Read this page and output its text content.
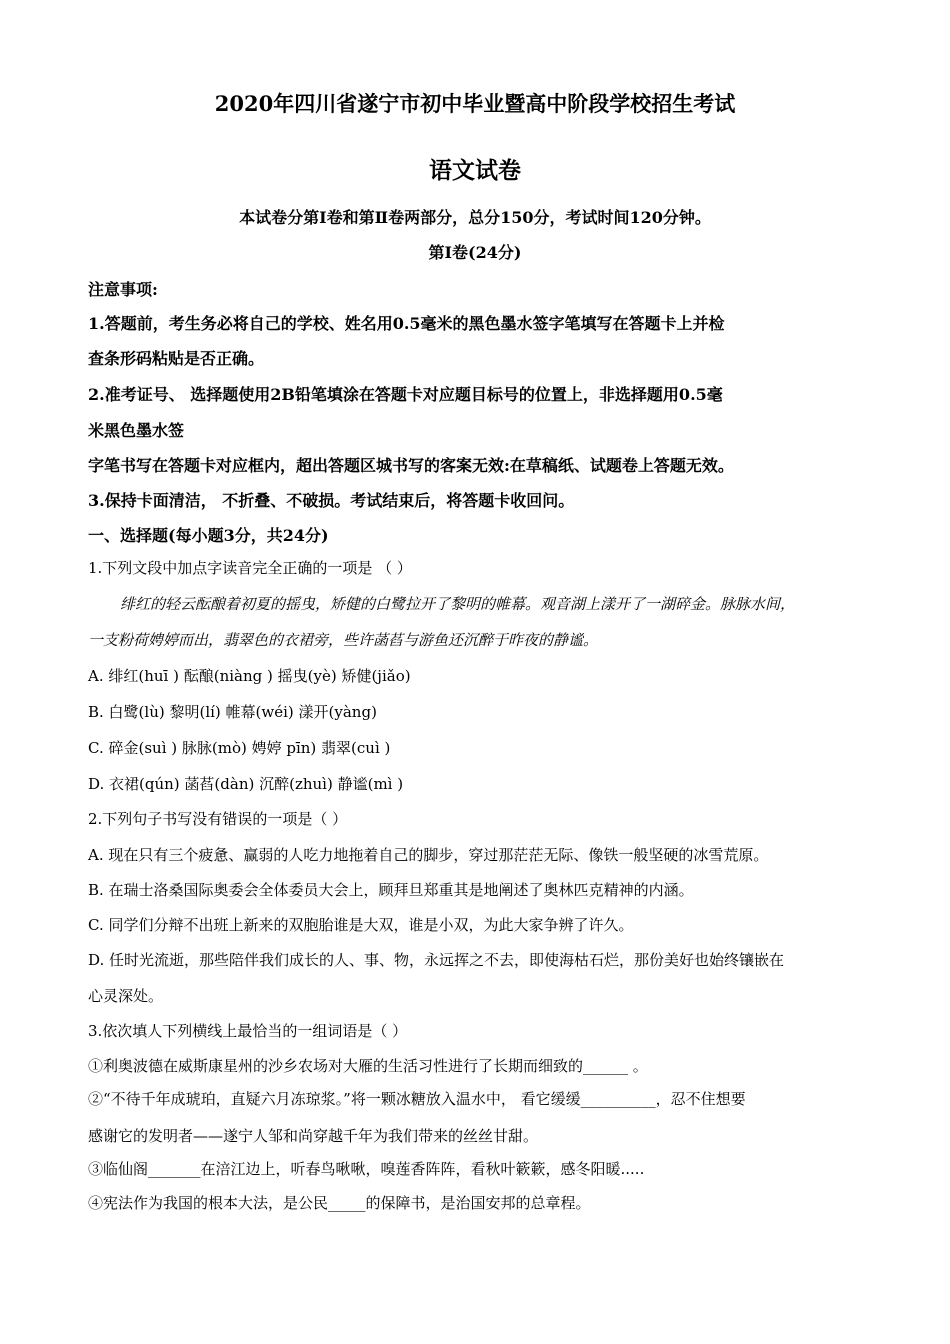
2020年四川省遂宁市初中毕业暨高中阶段学校招生考试
语文试卷
本试卷分第Ⅰ卷和第Ⅱ卷两部分，总分150分，考试时间120分钟。
第Ⅰ卷(24分)
注意事项:
1.答题前，考生务必将自己的学校、姓名用0.5毫米的黑色墨水签字笔填写在答题卡上并检
查条形码粘贴是否正确。
2.准考证号、 选择题使用2B铅笔填涂在答题卡对应题目标号的位置上，非选择题用0.5毫
米黑色墨水签
字笔书写在答题卡对应框内，超出答题区城书写的客案无效:在草稿纸、试题卷上答题无效。
3.保持卡面清洁， 不折叠、不破损。考试结束后，将答题卡收回问。
一、选择题(每小题3分，共24分)
1.下列文段中加点字读音完全正确的一项是 （ ）
绯红的轻云酝酿着初夏的摇曳，矫健的白鹭拉开了黎明的帷幕。观音湖上漾开了一湖碎金。脉脉水间，
一支粉荷娉婷而出，翡翠色的衣裙旁，些许菡萏与游鱼还沉醉于昨夜的静谧。
A. 绯红(huī ) 酝酿(niàng ) 摇曳(yè) 矫健(jiǎo)
B. 白鹭(lù) 黎明(lí) 帷幕(wéi) 漾开(yàng)
C. 碎金(suì ) 脉脉(mò) 娉婷 pīn) 翡翠(cuì )
D. 衣裙(qún) 菡萏(dàn) 沉醉(zhuì) 静谧(mì )
2.下列句子书写没有错误的一项是（ ）
A. 现在只有三个疲惫、赢弱的人吃力地拖着自己的脚步，穿过那茫茫无际、像铁一般坚硬的冰雪荒原。
B. 在瑞士洛桑国际奥委会全体委员大会上，顾拜旦郑重其是地阐述了奥林匹克精神的内涵。
C. 同学们分辩不出班上新来的双胞胎谁是大双，谁是小双，为此大家争辨了许久。
D. 任时光流逝，那些陪伴我们成长的人、事、物，永远挥之不去，即使海枯石烂，那份美好也始终镶嵌在
心灵深处。
3.依次填人下列横线上最恰当的一组词语是（ ）
①利奥波德在威斯康星州的沙乡农场对大雁的生活习性进行了长期而细致的______ 。
②“不待千年成琥珀，直疑六月冻琼浆。”将一颗冰糖放入温水中， 看它缓缓__________，忍不住想要
感谢它的发明者——遂宁人邹和尚穿越千年为我们带来的丝丝甘甜。
③临仙阁_______在涪江边上，听春鸟啾啾，嗅莲香阵阵，看秋叶簌簌，感冬阳暖.....
④宪法作为我国的根本大法，是公民_____的保障书，是治国安邦的总章程。
